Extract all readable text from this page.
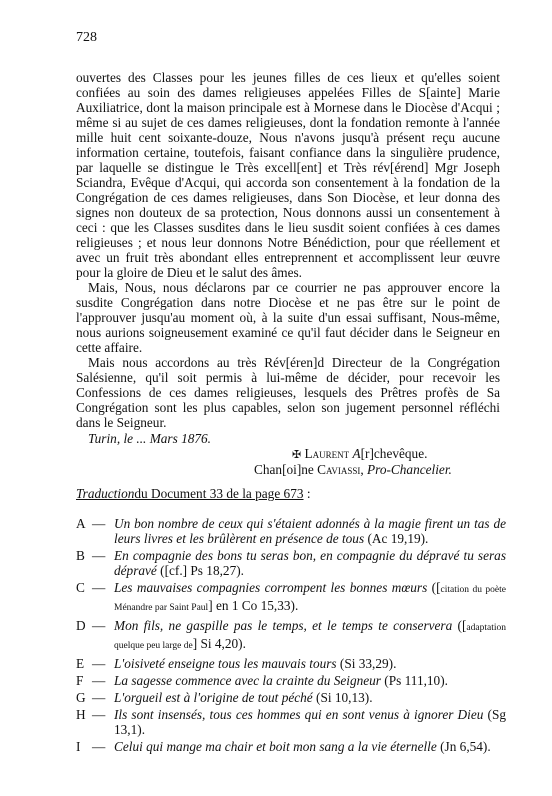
728

ouvertes des Classes pour les jeunes filles de ces lieux et qu'elles soient confiées au soin des dames religieuses appelées Filles de S[ainte] Marie Auxiliatrice, dont la maison principale est à Mornese dans le Diocèse d'Acqui ; même si au sujet de ces dames religieuses, dont la fondation remonte à l'année mille huit cent soixante-douze, Nous n'avons jusqu'à présent reçu aucune information certaine, toutefois, faisant confiance dans la singulière prudence, par laquelle se distingue le Très excell[ent] et Très rév[érend] Mgr Joseph Sciandra, Evêque d'Acqui, qui accorda son consentement à la fondation de la Congrégation de ces dames religieuses, dans Son Diocèse, et leur donna des signes non douteux de sa protection, Nous donnons aussi un consentement à ceci : que les Classes susdites dans le lieu susdit soient confiées à ces dames religieuses ; et nous leur donnons Notre Bénédiction, pour que réellement et avec un fruit très abondant elles entreprennent et accomplissent leur œuvre pour la gloire de Dieu et le salut des âmes.

Mais, Nous, nous déclarons par ce courrier ne pas approuver encore la susdite Congrégation dans notre Diocèse et ne pas être sur le point de l'approuver jusqu'au moment où, à la suite d'un essai suffisant, Nous-même, nous aurions soigneusement examiné ce qu'il faut décider dans le Seigneur en cette affaire.

Mais nous accordons au très Rév[éren]d Directeur de la Congrégation Salésienne, qu'il soit permis à lui-même de décider, pour recevoir les Confessions de ces dames religieuses, lesquels des Prêtres profès de Sa Congrégation sont les plus capables, selon son jugement personnel réfléchi dans le Seigneur.

Turin, le ... Mars 1876.

✠ Laurent A[r]chevêque.

Chan[oi]ne Caviassi, Pro-Chancelier.

Traductiondu Document 33 de la page 673 :
A — Un bon nombre de ceux qui s'étaient adonnés à la magie firent un tas de leurs livres et les brûlèrent en présence de tous (Ac 19,19).
B — En compagnie des bons tu seras bon, en compagnie du dépravé tu seras dépravé ([cf.] Ps 18,27).
C — Les mauvaises compagnies corrompent les bonnes mœurs ([citation du poète Ménandre par Saint Paul] en 1 Co 15,33).
D — Mon fils, ne gaspille pas le temps, et le temps te conservera ([adaptation quelque peu large de] Si 4,20).
E — L'oisiveté enseigne tous les mauvais tours (Si 33,29).
F — La sagesse commence avec la crainte du Seigneur (Ps 111,10).
G — L'orgueil est à l'origine de tout péché (Si 10,13).
H — Ils sont insensés, tous ces hommes qui en sont venus à ignorer Dieu (Sg 13,1).
I — Celui qui mange ma chair et boit mon sang a la vie éternelle (Jn 6,54).
